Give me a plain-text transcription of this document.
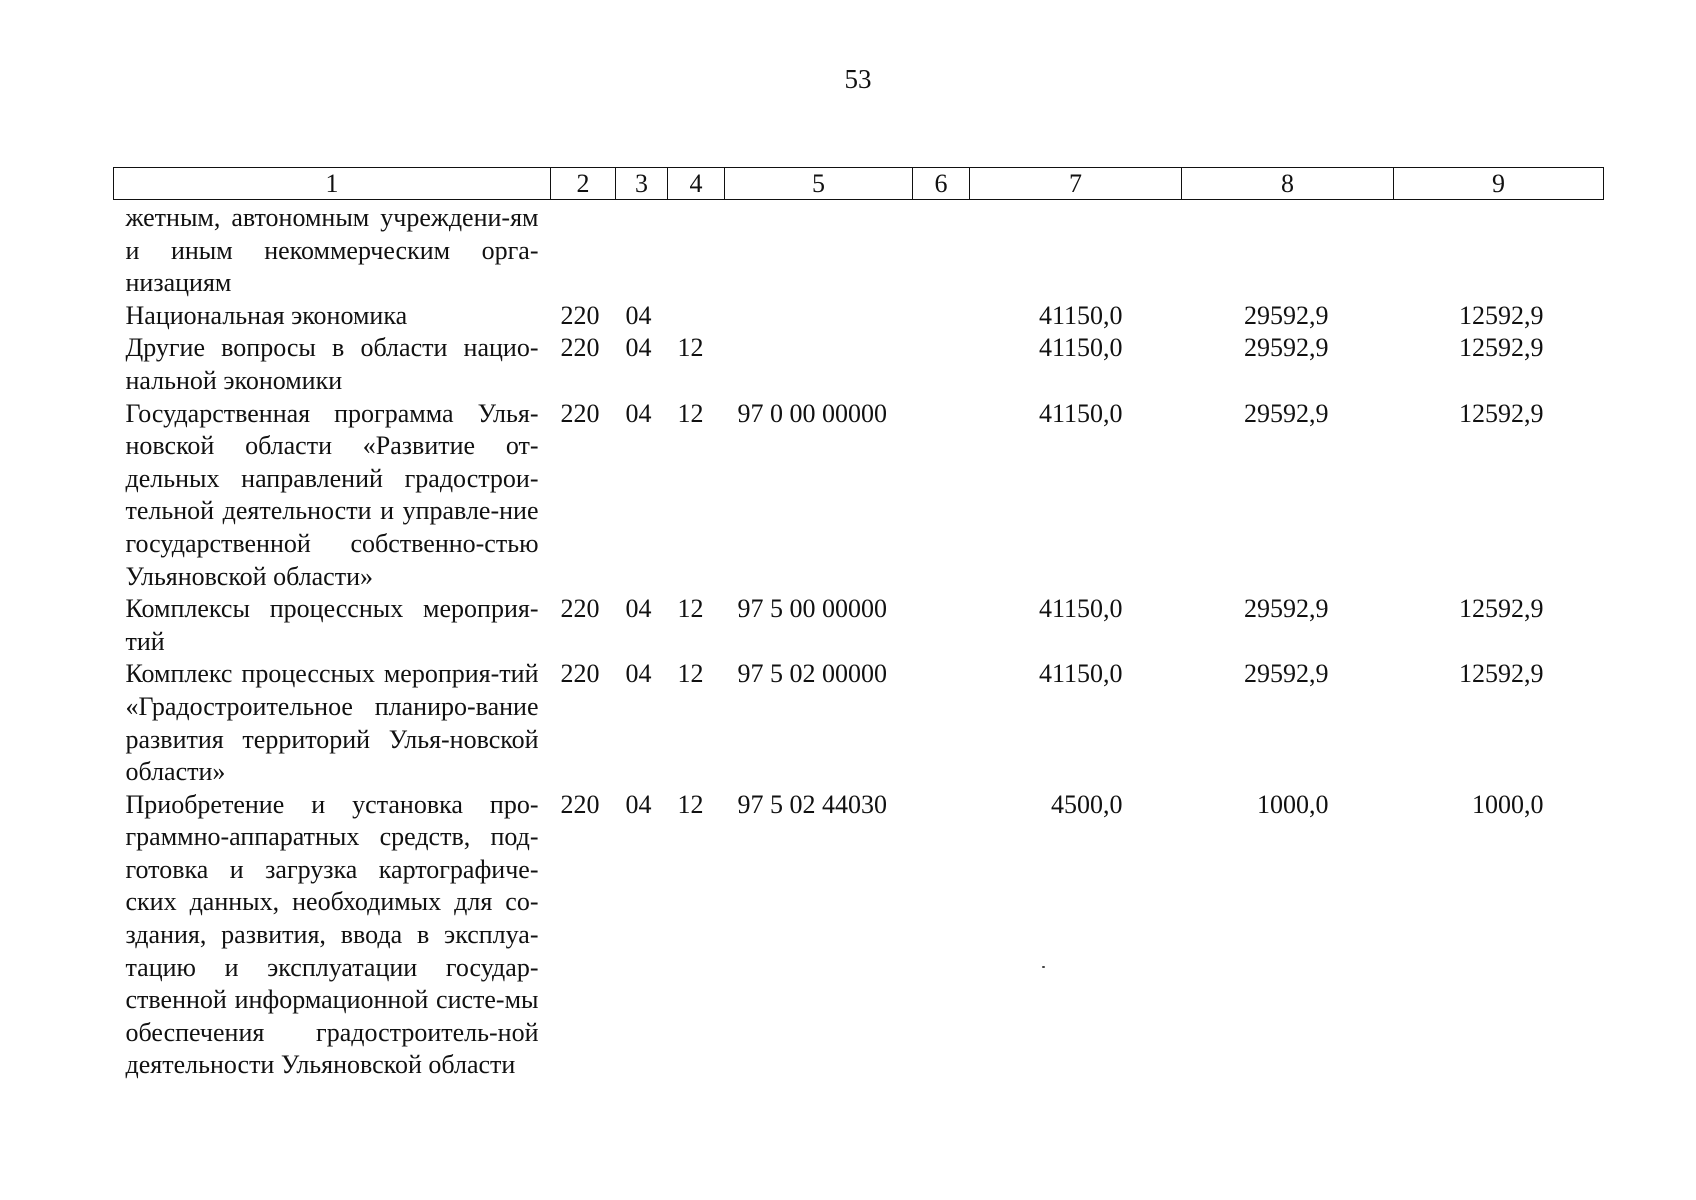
53
1	2	3	4	5	6	7	8	9
жетным, автономным учреждени-ям и иным некоммерческим орга-низациям								
Национальная экономика	220	04				41150,0	29592,9	12592,9
Другие вопросы в области нацио-нальной экономики	220	04	12			41150,0	29592,9	12592,9
Государственная программа Улья-новской области «Развитие от-дельных направлений градострои-тельной деятельности и управле-ние государственной собственно-стью Ульяновской области»	220	04	12	97 0 00 00000		41150,0	29592,9	12592,9
Комплексы процессных мероприя-тий	220	04	12	97 5 00 00000		41150,0	29592,9	12592,9
Комплекс процессных мероприя-тий «Градостроительное планиро-вание развития территорий Улья-новской области»	220	04	12	97 5 02 00000		41150,0	29592,9	12592,9
Приобретение и установка про-граммно-аппаратных средств, под-готовка и загрузка картографиче-ских данных, необходимых для со-здания, развития, ввода в эксплуа-тацию и эксплуатации государ-ственной информационной систе-мы обеспечения градостроитель-ной деятельности Ульяновской области	220	04	12	97 5 02 44030		4500,0	1000,0	1000,0
